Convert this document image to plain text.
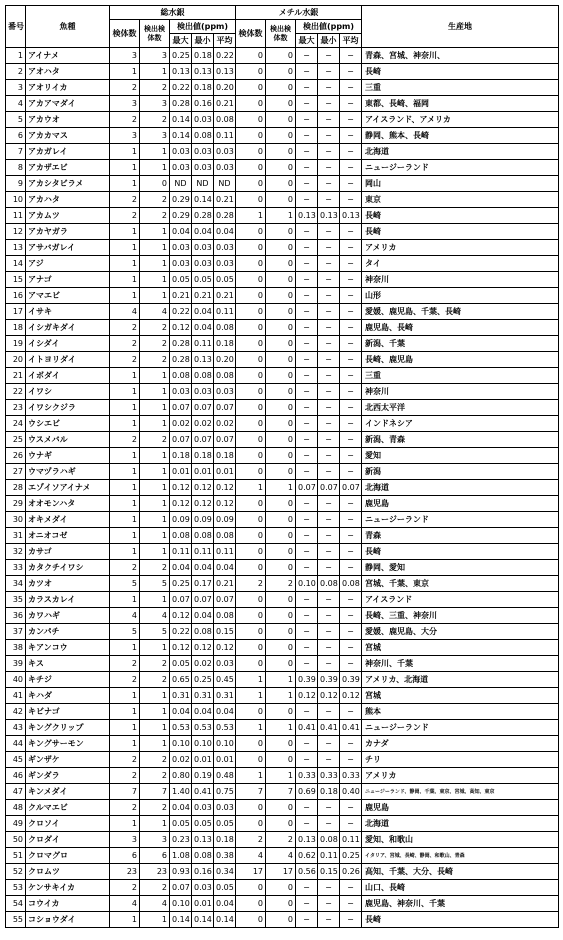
番号	魚種	総水銀					メチル水銀					生産地
		検体数	検出検体数	検出値(ppm)			検体数	検出検体数	検出値(ppm)			
				最大	最小	平均			最大	最小	平均	
1	アイナメ	3	3	0.25	0.18	0.22	0	0	−	−	−	青森、宮城、神奈川、
2	アオハタ	1	1	0.13	0.13	0.13	0	0	−	−	−	長崎
3	アオリイカ	2	2	0.22	0.18	0.20	0	0	−	−	−	三重
4	アカアマダイ	3	3	0.28	0.16	0.21	0	0	−	−	−	東都、長崎、福岡
5	アカウオ	2	2	0.14	0.03	0.08	0	0	−	−	−	アイスランド、アメリカ
6	アカカマス	3	3	0.14	0.08	0.11	0	0	−	−	−	静岡、熊本、長崎
7	アカガレイ	1	1	0.03	0.03	0.03	0	0	−	−	−	北海道
8	アカザエビ	1	1	0.03	0.03	0.03	0	0	−	−	−	ニュージーランド
9	アカシタビラメ	1	0	ND	ND	ND	0	0	−	−	−	岡山
10	アカハタ	2	2	0.29	0.14	0.21	0	0	−	−	−	東京
11	アカムツ	2	2	0.29	0.28	0.28	1	1	0.13	0.13	0.13	長崎
12	アカヤガラ	1	1	0.04	0.04	0.04	0	0	−	−	−	長崎
13	アサバガレイ	1	1	0.03	0.03	0.03	0	0	−	−	−	アメリカ
14	アジ	1	1	0.03	0.03	0.03	0	0	−	−	−	タイ
15	アナゴ	1	1	0.05	0.05	0.05	0	0	−	−	−	神奈川
16	アマエビ	1	1	0.21	0.21	0.21	0	0	−	−	−	山形
17	イサキ	4	4	0.22	0.04	0.11	0	0	−	−	−	愛媛、鹿児島、千葉、長崎
18	イシガキダイ	2	2	0.12	0.04	0.08	0	0	−	−	−	鹿児島、長崎
19	イシダイ	2	2	0.28	0.11	0.18	0	0	−	−	−	新潟、千葉
20	イトヨリダイ	2	2	0.28	0.13	0.20	0	0	−	−	−	長崎、鹿児島
21	イボダイ	1	1	0.08	0.08	0.08	0	0	−	−	−	三重
22	イワシ	1	1	0.03	0.03	0.03	0	0	−	−	−	神奈川
23	イワシクジラ	1	1	0.07	0.07	0.07	0	0	−	−	−	北西太平洋
24	ウシエビ	1	1	0.02	0.02	0.02	0	0	−	−	−	インドネシア
25	ウスメバル	2	2	0.07	0.07	0.07	0	0	−	−	−	新潟、青森
26	ウナギ	1	1	0.18	0.18	0.18	0	0	−	−	−	愛知
27	ウマヅラハギ	1	1	0.01	0.01	0.01	0	0	−	−	−	新潟
28	エゾイソアイナメ	1	1	0.12	0.12	0.12	1	1	0.07	0.07	0.07	北海道
29	オオモンハタ	1	1	0.12	0.12	0.12	0	0	−	−	−	鹿児島
30	オキメダイ	1	1	0.09	0.09	0.09	0	0	−	−	−	ニュージーランド
31	オニオコゼ	1	1	0.08	0.08	0.08	0	0	−	−	−	青森
32	カサゴ	1	1	0.11	0.11	0.11	0	0	−	−	−	長崎
33	カタクチイワシ	2	2	0.04	0.04	0.04	0	0	−	−	−	静岡、愛知
34	カツオ	5	5	0.25	0.17	0.21	2	2	0.10	0.08	0.08	宮城、千葉、東京
35	カラスカレイ	1	1	0.07	0.07	0.07	0	0	−	−	−	アイスランド
36	カワハギ	4	4	0.12	0.04	0.08	0	0	−	−	−	長崎、三重、神奈川
37	カンパチ	5	5	0.22	0.08	0.15	0	0	−	−	−	愛媛、鹿児島、大分
38	キアンコウ	1	1	0.12	0.12	0.12	0	0	−	−	−	宮城
39	キス	2	2	0.05	0.02	0.03	0	0	−	−	−	神奈川、千葉
40	キチジ	2	2	0.65	0.25	0.45	1	1	0.39	0.39	0.39	アメリカ、北海道
41	キハダ	1	1	0.31	0.31	0.31	1	1	0.12	0.12	0.12	宮城
42	キビナゴ	1	1	0.04	0.04	0.04	0	0	−	−	−	熊本
43	キングクリップ	1	1	0.53	0.53	0.53	1	1	0.41	0.41	0.41	ニュージーランド
44	キングサーモン	1	1	0.10	0.10	0.10	0	0	−	−	−	カナダ
45	ギンザケ	2	2	0.02	0.01	0.01	0	0	−	−	−	チリ
46	ギンダラ	2	2	0.80	0.19	0.48	1	1	0.33	0.33	0.33	アメリカ
47	キンメダイ	7	7	1.40	0.41	0.75	7	7	0.69	0.18	0.40	ニュージーランド、静岡、千葉、東京、宮城、高知、東京
48	クルマエビ	2	2	0.04	0.03	0.03	0	0	−	−	−	鹿児島
49	クロソイ	1	1	0.05	0.05	0.05	0	0	−	−	−	北海道
50	クロダイ	3	3	0.23	0.13	0.18	2	2	0.13	0.08	0.11	愛知、和歌山
51	クロマグロ	6	6	1.08	0.08	0.38	4	4	0.62	0.11	0.25	イタリア、宮城、長崎、静岡、和歌山、青森
52	クロムツ	23	23	0.93	0.16	0.34	17	17	0.56	0.15	0.26	高知、千葉、大分、長崎
53	ケンサキイカ	2	2	0.07	0.03	0.05	0	0	−	−	−	山口、長崎
54	コウイカ	4	4	0.10	0.01	0.04	0	0	−	−	−	鹿児島、神奈川、千葉
55	コショウダイ	1	1	0.14	0.14	0.14	0	0	−	−	−	長崎
